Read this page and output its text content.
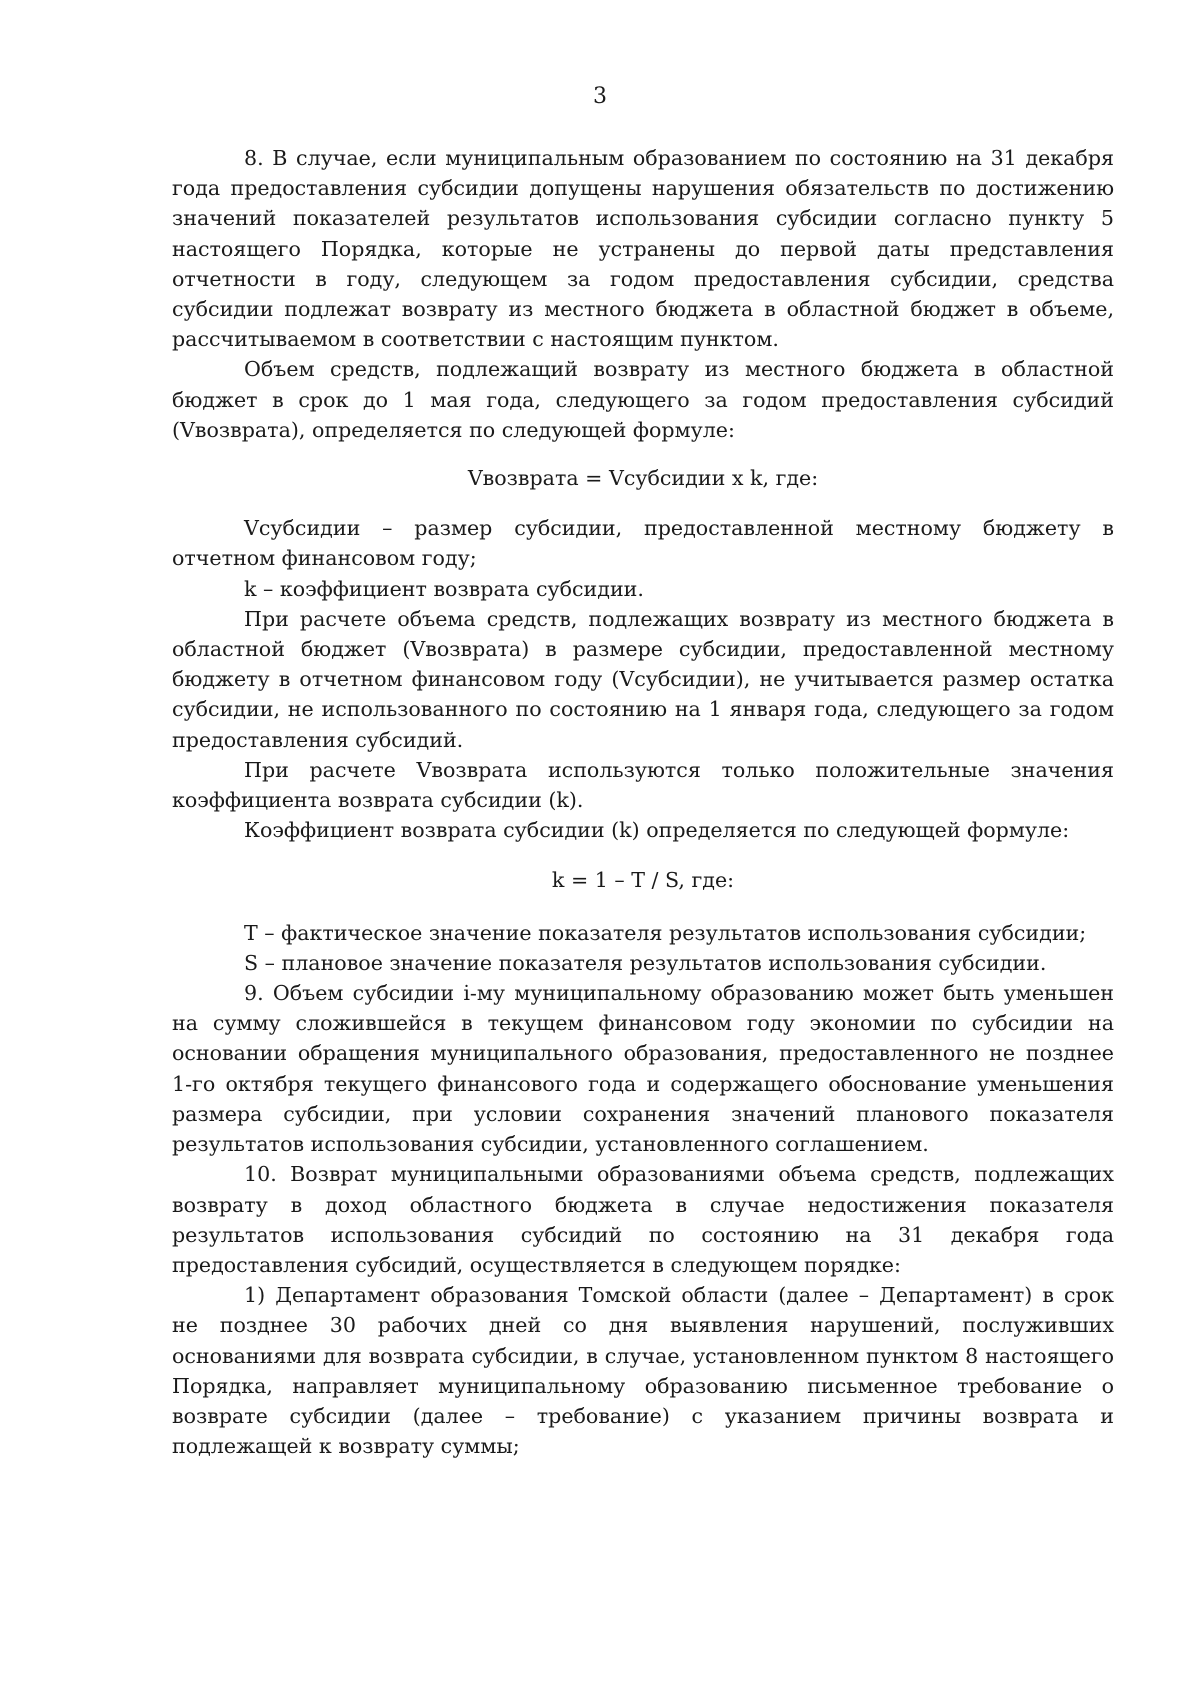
3

8. В случае, если муниципальным образованием по состоянию на 31 декабря года предоставления субсидии допущены нарушения обязательств по достижению значений показателей результатов использования субсидии согласно пункту 5 настоящего Порядка, которые не устранены до первой даты представления отчетности в году, следующем за годом предоставления субсидии, средства субсидии подлежат возврату из местного бюджета в областной бюджет в объеме, рассчитываемом в соответствии с настоящим пунктом.

Объем средств, подлежащий возврату из местного бюджета в областной бюджет в срок до 1 мая года, следующего за годом предоставления субсидий (Vвозврата), определяется по следующей формуле:

Vвозврата = Vсубсидии x k, где:

Vсубсидии – размер субсидии, предоставленной местному бюджету в отчетном финансовом году;

k – коэффициент возврата субсидии.

При расчете объема средств, подлежащих возврату из местного бюджета в областной бюджет (Vвозврата) в размере субсидии, предоставленной местному бюджету в отчетном финансовом году (Vсубсидии), не учитывается размер остатка субсидии, не использованного по состоянию на 1 января года, следующего за годом предоставления субсидий.

При расчете Vвозврата используются только положительные значения коэффициента возврата субсидии (k).

Коэффициент возврата субсидии (k) определяется по следующей формуле:

k = 1 – T / S, где:

T – фактическое значение показателя результатов использования субсидии;

S – плановое значение показателя результатов использования субсидии.

9. Объем субсидии i-му муниципальному образованию может быть уменьшен на сумму сложившейся в текущем финансовом году экономии по субсидии на основании обращения муниципального образования, предоставленного не позднее 1-го октября текущего финансового года и содержащего обоснование уменьшения размера субсидии, при условии сохранения значений планового показателя результатов использования субсидии, установленного соглашением.

10. Возврат муниципальными образованиями объема средств, подлежащих возврату в доход областного бюджета в случае недостижения показателя результатов использования субсидий по состоянию на 31 декабря года предоставления субсидий, осуществляется в следующем порядке:

1) Департамент образования Томской области (далее – Департамент) в срок не позднее 30 рабочих дней со дня выявления нарушений, послуживших основаниями для возврата субсидии, в случае, установленном пунктом 8 настоящего Порядка, направляет муниципальному образованию письменное требование о возврате субсидии (далее – требование) с указанием причины возврата и подлежащей к возврату суммы;
